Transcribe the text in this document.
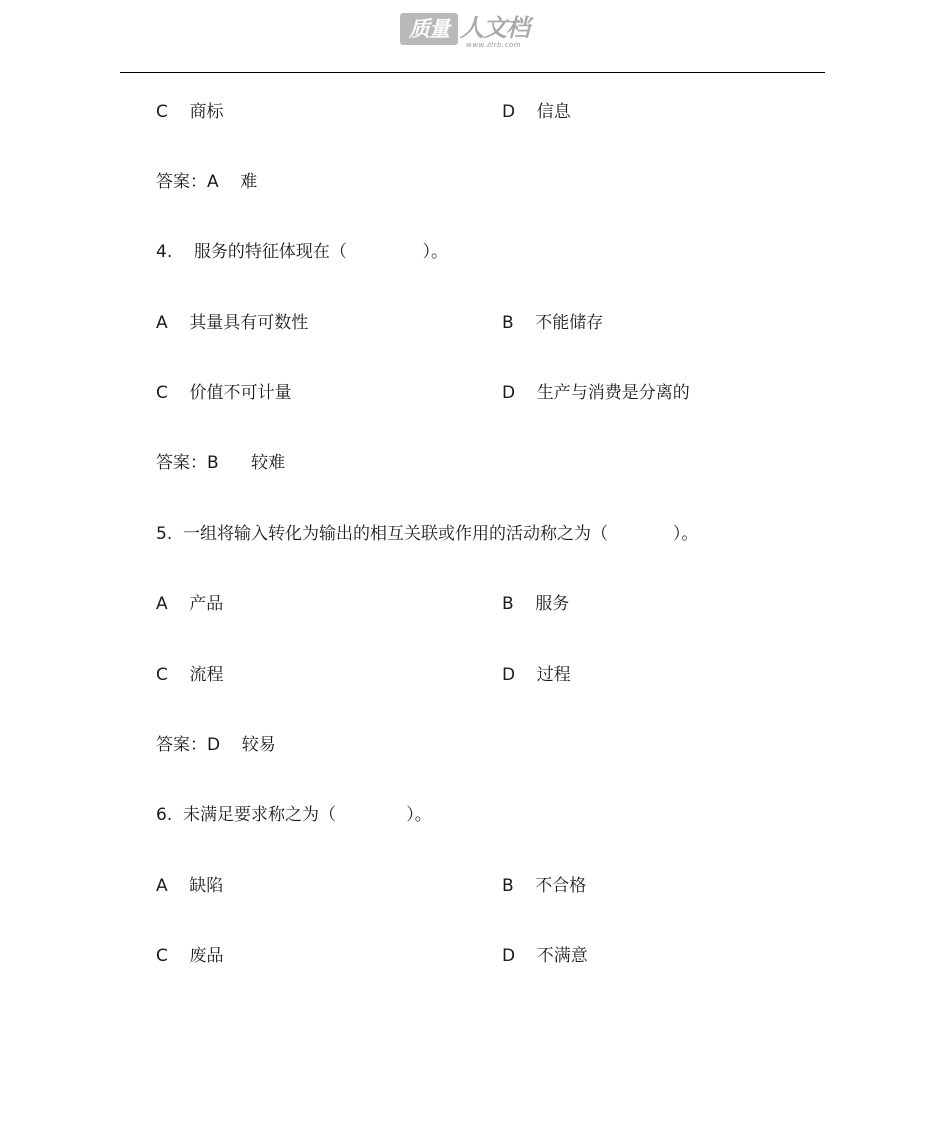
质量 人文档
www.zlrb.com
C    商标	D    信息
答案：A    难
4.    服务的特征体现在（              ）。
A    其量具有可数性	B    不能储存
C    价值不可计量	D    生产与消费是分离的
答案：B      较难
5.  一组将输入转化为输出的相互关联或作用的活动称之为（            ）。
A    产品	B    服务
C    流程	D    过程
答案：D    较易
6.  未满足要求称之为（             ）。
A    缺陷	B    不合格
C    废品	D    不满意
